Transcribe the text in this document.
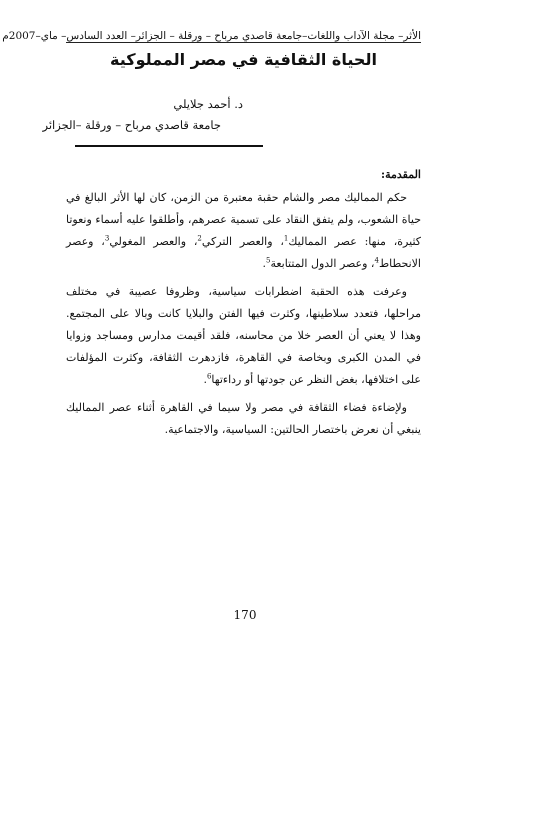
الأثر– مجلة الآداب واللغات–جامعة قاصدي مرباح – ورقلة – الجزائر– العدد السادس– ماي–2007م
الحياة الثقافية في مصر المملوكية
د. أحمد جلايلي
جامعة قاصدي مرباح – ورقلة –الجزائر
المقدمة:

حكم المماليك مصر والشام حقبة معتبرة من الزمن، كان لها الأثر البالغ في حياة الشعوب، ولم يتفق النقاد على تسمية عصرهم، وأطلقوا عليه أسماء ونعوتا كثيرة، منها: عصر المماليك$^1$، والعصر التركي$^2$، والعصر المغولي$^3$، وعصر الانحطاط$^4$، وعصر الدول المتتابعة$^5$.

وعرفت هذه الحقبة اضطرابات سياسية، وظروفا عصيبة في مختلف مراحلها، فتعدد سلاطينها، وكثرت فيها الفتن والبلايا كانت وبالا على المجتمع. وهذا لا يعني أن العصر خلا من محاسنه، فلقد أقيمت مدارس ومساجد وزوايا في المدن الكبرى وبخاصة في القاهرة، فازدهرت الثقافة، وكثرت المؤلفات على اختلافها، بغض النظر عن جودتها أو رداءتها$^6$.

ولإضاءة فضاء الثقافة في مصر ولا سيما في القاهرة أثناء عصر المماليك ينبغي أن نعرض باختصار الحالتين: السياسية، والاجتماعية.

170
